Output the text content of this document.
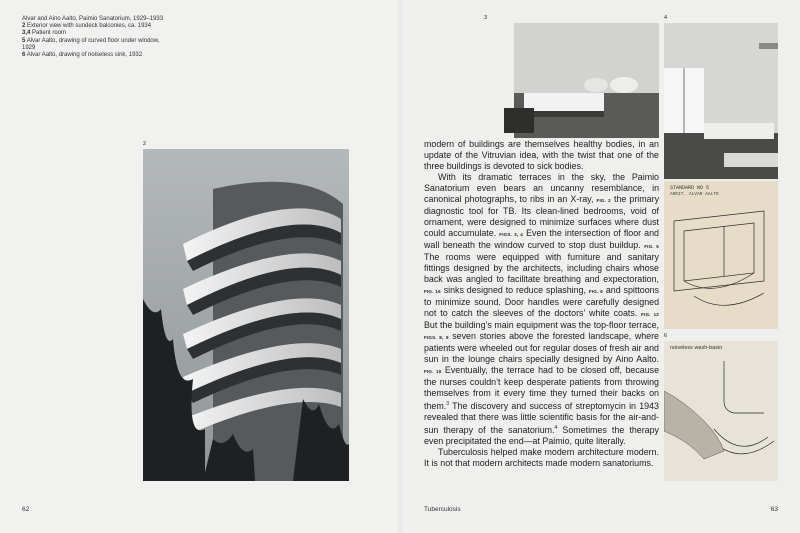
Alvar and Aino Aalto, Paimio Sanatorium, 1929–1933
2 Exterior view with sundeck balconies, ca. 1934
3,4 Patient room
5 Alvar Aalto, drawing of curved floor under window, 1929
6 Alvar Aalto, drawing of noiseless sink, 1932
2
3	4
6
STANDARD NO 5
ARKIT. ALVAR AALTO
noiseless wash-basin

modern of buildings are themselves healthy bodies, in an update of the Vitruvian idea, with the twist that one of the three buildings is devoted to sick bodies.

With its dramatic terraces in the sky, the Paimio Sanatorium even bears an uncanny resemblance, in canonical photographs, to ribs in an X-ray, FIG. 2 the primary diagnostic tool for TB. Its clean-lined bedrooms, void of ornament, were designed to minimize surfaces where dust could accumulate. FIGS. 3, 4 Even the intersection of floor and wall beneath the window curved to stop dust buildup. FIG. 5 The rooms were equipped with furniture and sanitary fittings designed by the architects, including chairs whose back was angled to facilitate breathing and expectoration, FIG. 16 sinks designed to reduce splashing, FIG. 6 and spittoons to minimize sound. Door handles were carefully designed not to catch the sleeves of the doctors’ white coats. FIG. 12 But the building’s main equipment was the top-floor terrace, FIGS. 8, 9 seven stories above the forested landscape, where patients were wheeled out for regular doses of fresh air and sun in the lounge chairs specially designed by Aino Aalto. FIG. 10 Eventually, the terrace had to be closed off, because the nurses couldn’t keep desperate patients from throwing themselves from it every time they turned their backs on them.$^3$ The discovery and success of streptomycin in 1943 revealed that there was little scientific basis for the air-and-sun therapy of the sanatorium.$^4$ Sometimes the therapy even precipitated the end—at Paimio, quite literally.

Tuberculosis helped make modern architecture modern. It is not that modern architects made modern sanatoriums.

62	Tuberculosis	63
